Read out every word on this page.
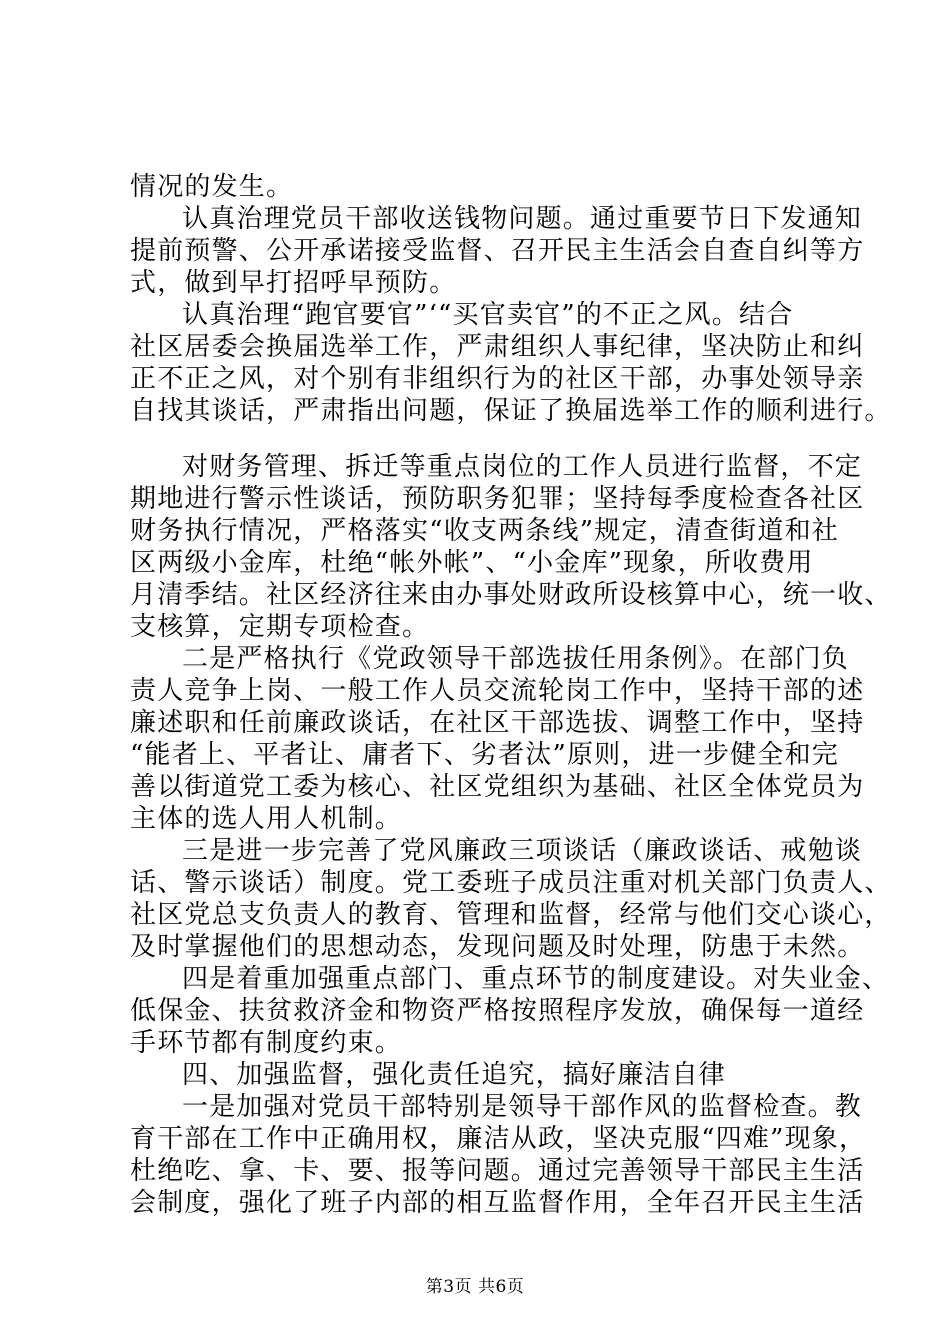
情况的发生。
认真治理党员干部收送钱物问题。通过重要节日下发通知
提前预警、公开承诺接受监督、召开民主生活会自查自纠等方
式，做到早打招呼早预防。
认真治理“跑官要官”‘“买官卖官”的不正之风。结合
社区居委会换届选举工作，严肃组织人事纪律，坚决防止和纠
正不正之风，对个别有非组织行为的社区干部，办事处领导亲
自找其谈话，严肃指出问题，保证了换届选举工作的顺利进行。
对财务管理、拆迁等重点岗位的工作人员进行监督，不定
期地进行警示性谈话，预防职务犯罪；坚持每季度检查各社区
财务执行情况，严格落实“收支两条线”规定，清查街道和社
区两级小金库，杜绝“帐外帐”、“小金库”现象，所收费用
月清季结。社区经济往来由办事处财政所设核算中心，统一收、
支核算，定期专项检查。
二是严格执行《党政领导干部选拔任用条例》。在部门负
责人竞争上岗、一般工作人员交流轮岗工作中，坚持干部的述
廉述职和任前廉政谈话，在社区干部选拔、调整工作中，坚持
“能者上、平者让、庸者下、劣者汰”原则，进一步健全和完
善以街道党工委为核心、社区党组织为基础、社区全体党员为
主体的选人用人机制。
三是进一步完善了党风廉政三项谈话（廉政谈话、戒勉谈
话、警示谈话）制度。党工委班子成员注重对机关部门负责人、
社区党总支负责人的教育、管理和监督，经常与他们交心谈心，
及时掌握他们的思想动态，发现问题及时处理，防患于未然。
四是着重加强重点部门、重点环节的制度建设。对失业金、
低保金、扶贫救济金和物资严格按照程序发放，确保每一道经
手环节都有制度约束。
四、加强监督，强化责任追究，搞好廉洁自律
一是加强对党员干部特别是领导干部作风的监督检查。教
育干部在工作中正确用权，廉洁从政，坚决克服“四难”现象，
杜绝吃、拿、卡、要、报等问题。通过完善领导干部民主生活
会制度，强化了班子内部的相互监督作用，全年召开民主生活
第3页 共6页
